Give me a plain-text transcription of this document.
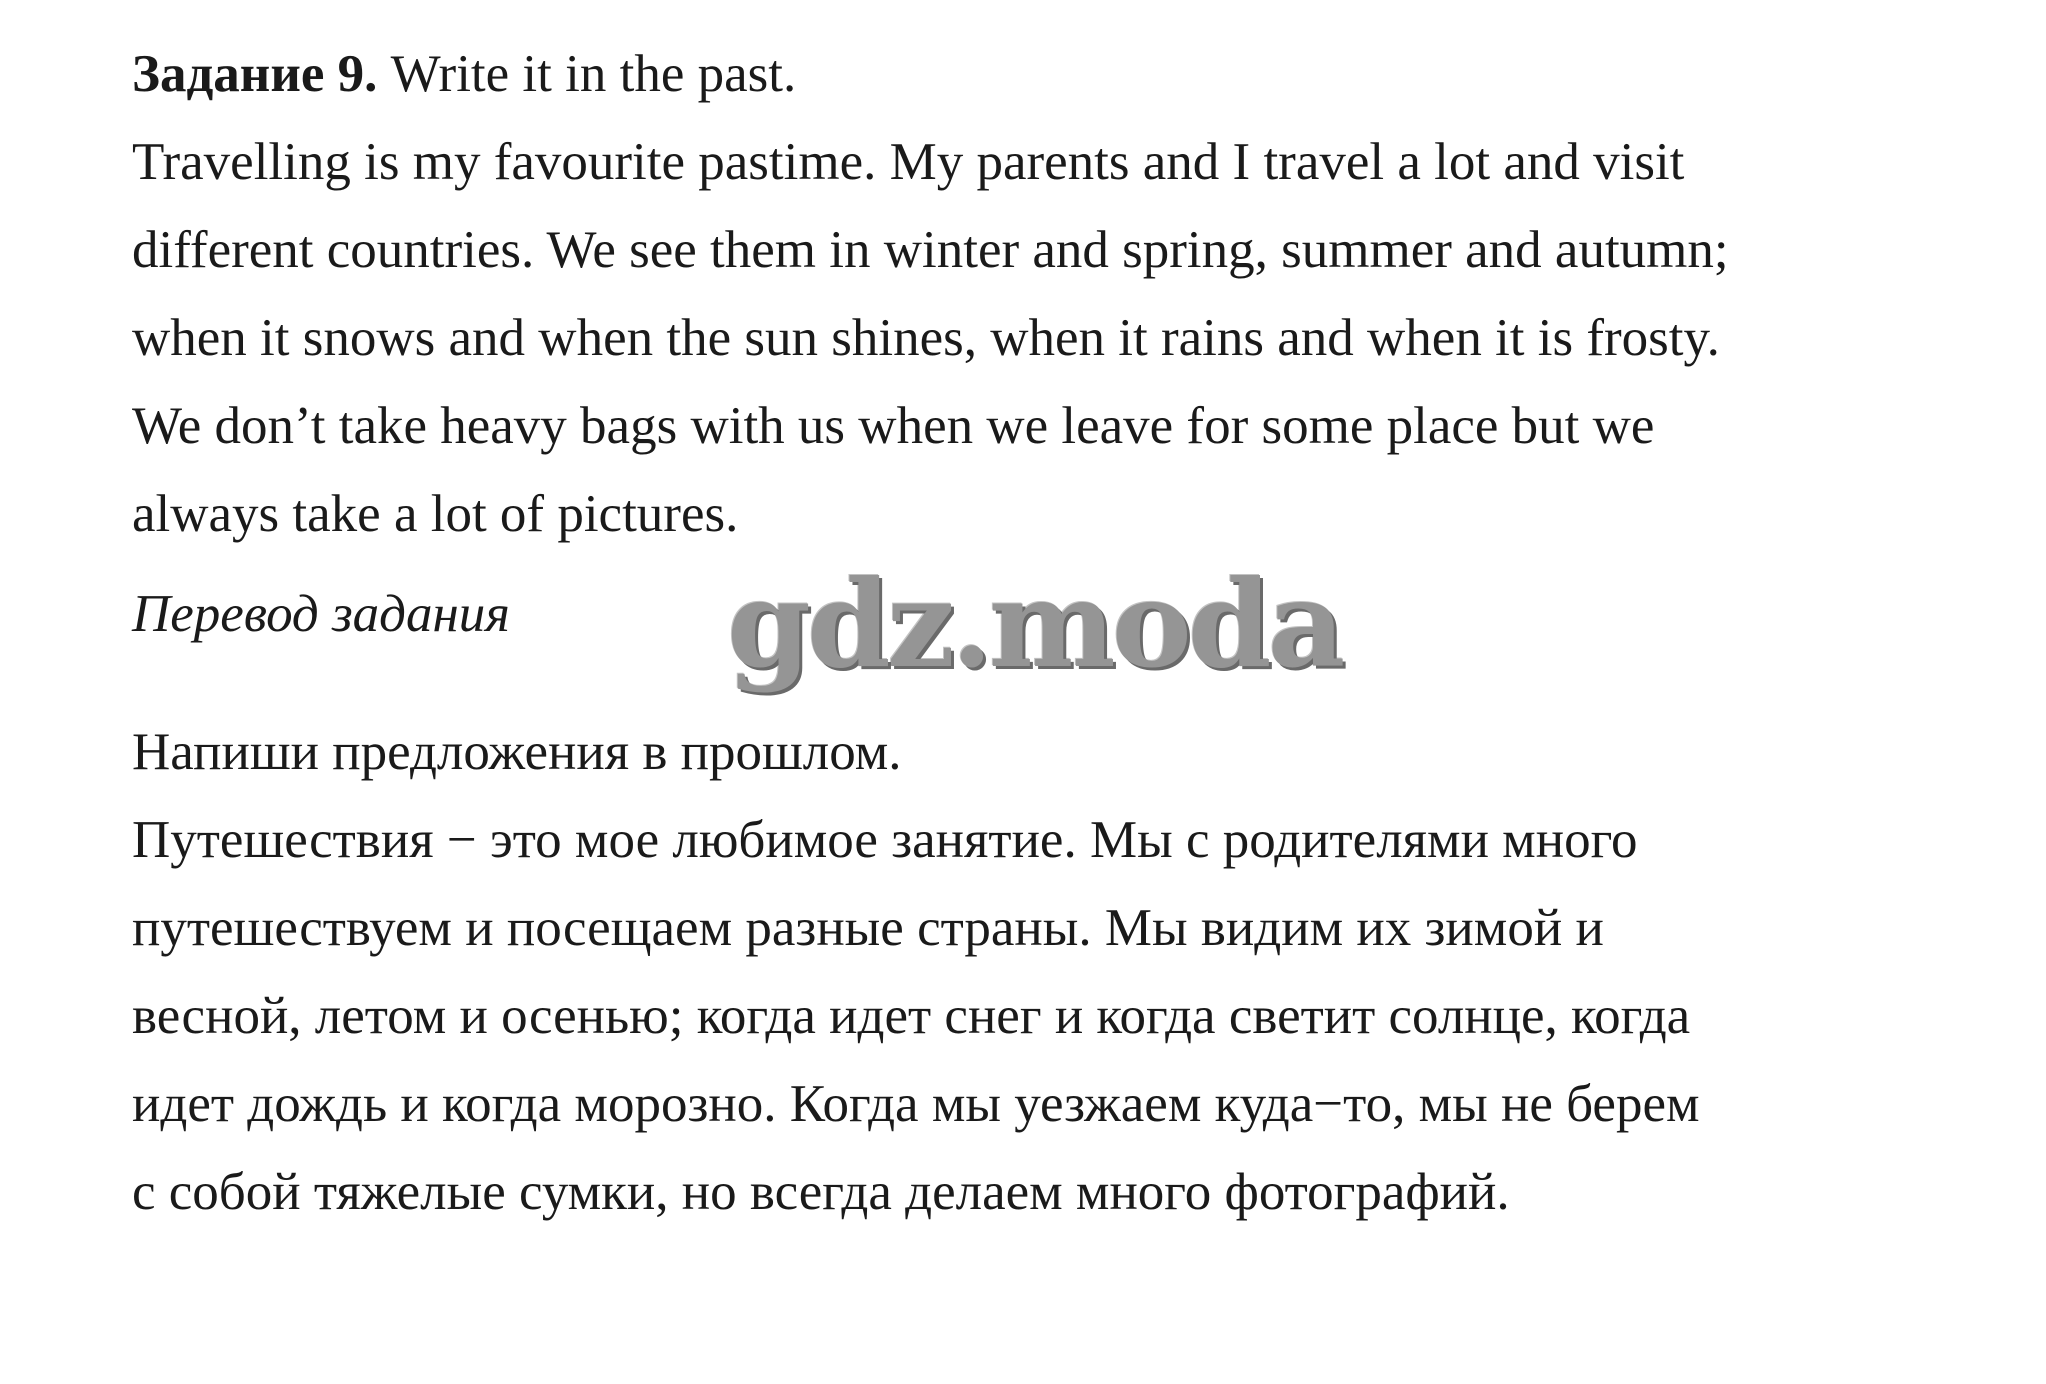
Задание 9. Write it in the past.

Travelling is my favourite pastime. My parents and I travel a lot and visit

different countries. We see them in winter and spring, summer and autumn;

when it snows and when the sun shines, when it rains and when it is frosty.

We don’t take heavy bags with us when we leave for some place but we

always take a lot of pictures.

Перевод задания gdz.moda

Напиши предложения в прошлом.

Путешествия − это мое любимое занятие. Мы с родителями много

путешествуем и посещаем разные страны. Мы видим их зимой и

весной, летом и осенью; когда идет снег и когда светит солнце, когда

идет дождь и когда морозно. Когда мы уезжаем куда−то, мы не берем

с собой тяжелые сумки, но всегда делаем много фотографий.
